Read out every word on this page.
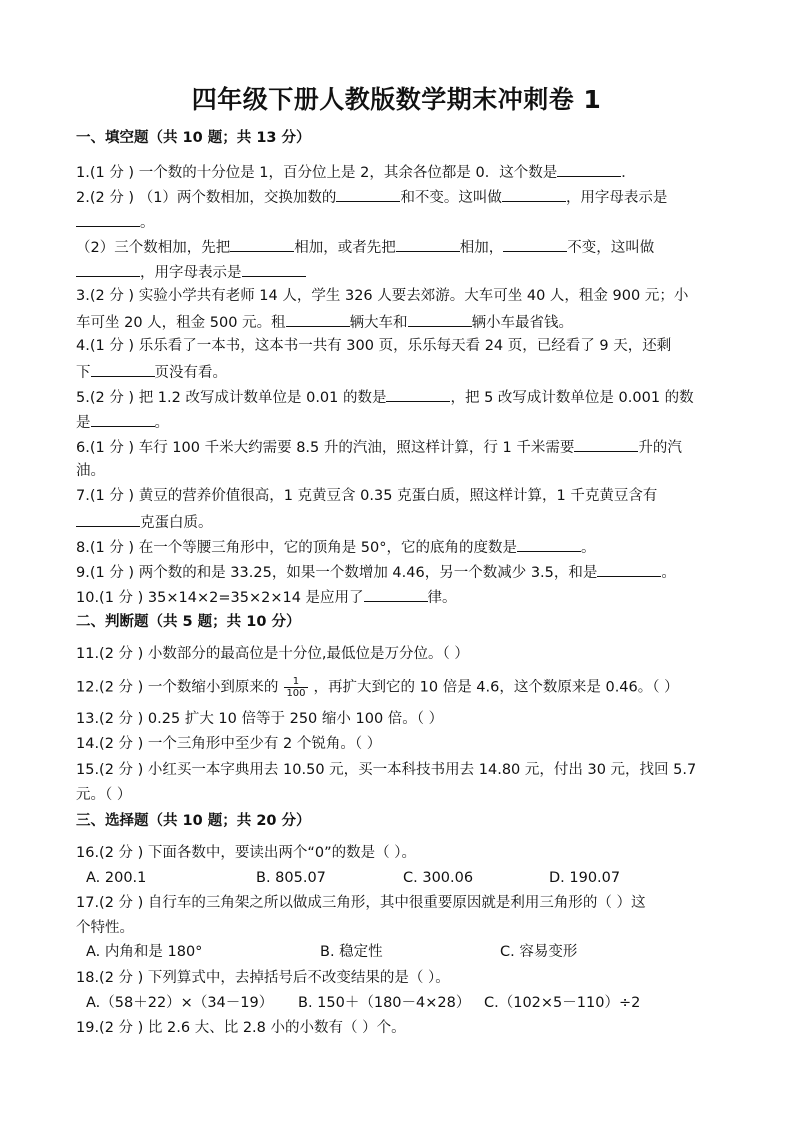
四年级下册人教版数学期末冲刺卷 1
一、填空题（共 10 题；共 13 分）
1.(1 分 ) 一个数的十分位是 1，百分位上是 2，其余各位都是 0．这个数是	．
2.(2 分 ) （1）两个数相加，交换加数的	和不变。这叫做	，用字母表示是
。
（2）三个数相加，先把	相加，或者先把	相加，	不变，这叫做
，用字母表示是
3.(2 分 ) 实验小学共有老师 14 人，学生 326 人要去郊游。大车可坐 40 人，租金 900 元；小
车可坐 20 人，租金 500 元。租	辆大车和	辆小车最省钱。
4.(1 分 ) 乐乐看了一本书，这本书一共有 300 页，乐乐每天看 24 页，已经看了 9 天，还剩
下	页没有看。
5.(2 分 ) 把 1.2 改写成计数单位是 0.01 的数是	，把 5 改写成计数单位是 0.001 的数
是	。
6.(1 分 ) 车行 100 千米大约需要 8.5 升的汽油，照这样计算，行 1 千米需要	升的汽
油。
7.(1 分 ) 黄豆的营养价值很高，1 克黄豆含 0.35 克蛋白质，照这样计算，1 千克黄豆含有
克蛋白质。
8.(1 分 ) 在一个等腰三角形中，它的顶角是 50°，它的底角的度数是	。
9.(1 分 ) 两个数的和是 33.25，如果一个数增加 4.46，另一个数减少 3.5，和是	。
10.(1 分 ) 35×14×2=35×2×14 是应用了	律。
二、判断题（共 5 题；共 10 分）
11.(2 分 ) 小数部分的最高位是十分位,最低位是万分位。（ ）
12.(2 分 ) 一个数缩小到原来的 $\frac{1}{100}$ ，再扩大到它的 10 倍是 4.6，这个数原来是 0.46。（ ）
13.(2 分 ) 0.25 扩大 10 倍等于 250 缩小 100 倍。（ ）
14.(2 分 ) 一个三角形中至少有 2 个锐角。（ ）
15.(2 分 ) 小红买一本字典用去 10.50 元，买一本科技书用去 14.80 元，付出 30 元，找回 5.7
元。（ ）
三、选择题（共 10 题；共 20 分）
16.(2 分 ) 下面各数中，要读出两个“0”的数是（ ）。
A. 200.1	B. 805.07	C. 300.06	D. 190.07
17.(2 分 ) 自行车的三角架之所以做成三角形，其中很重要原因就是利用三角形的（ ）这
个特性。
A. 内角和是 180°	B. 稳定性	C. 容易变形
18.(2 分 ) 下列算式中，去掉括号后不改变结果的是（ ）。
A.（58＋22）×（34－19） B. 150＋（180－4×28） C.（102×5－110）÷2
19.(2 分 ) 比 2.6 大、比 2.8 小的小数有（ ）个。
